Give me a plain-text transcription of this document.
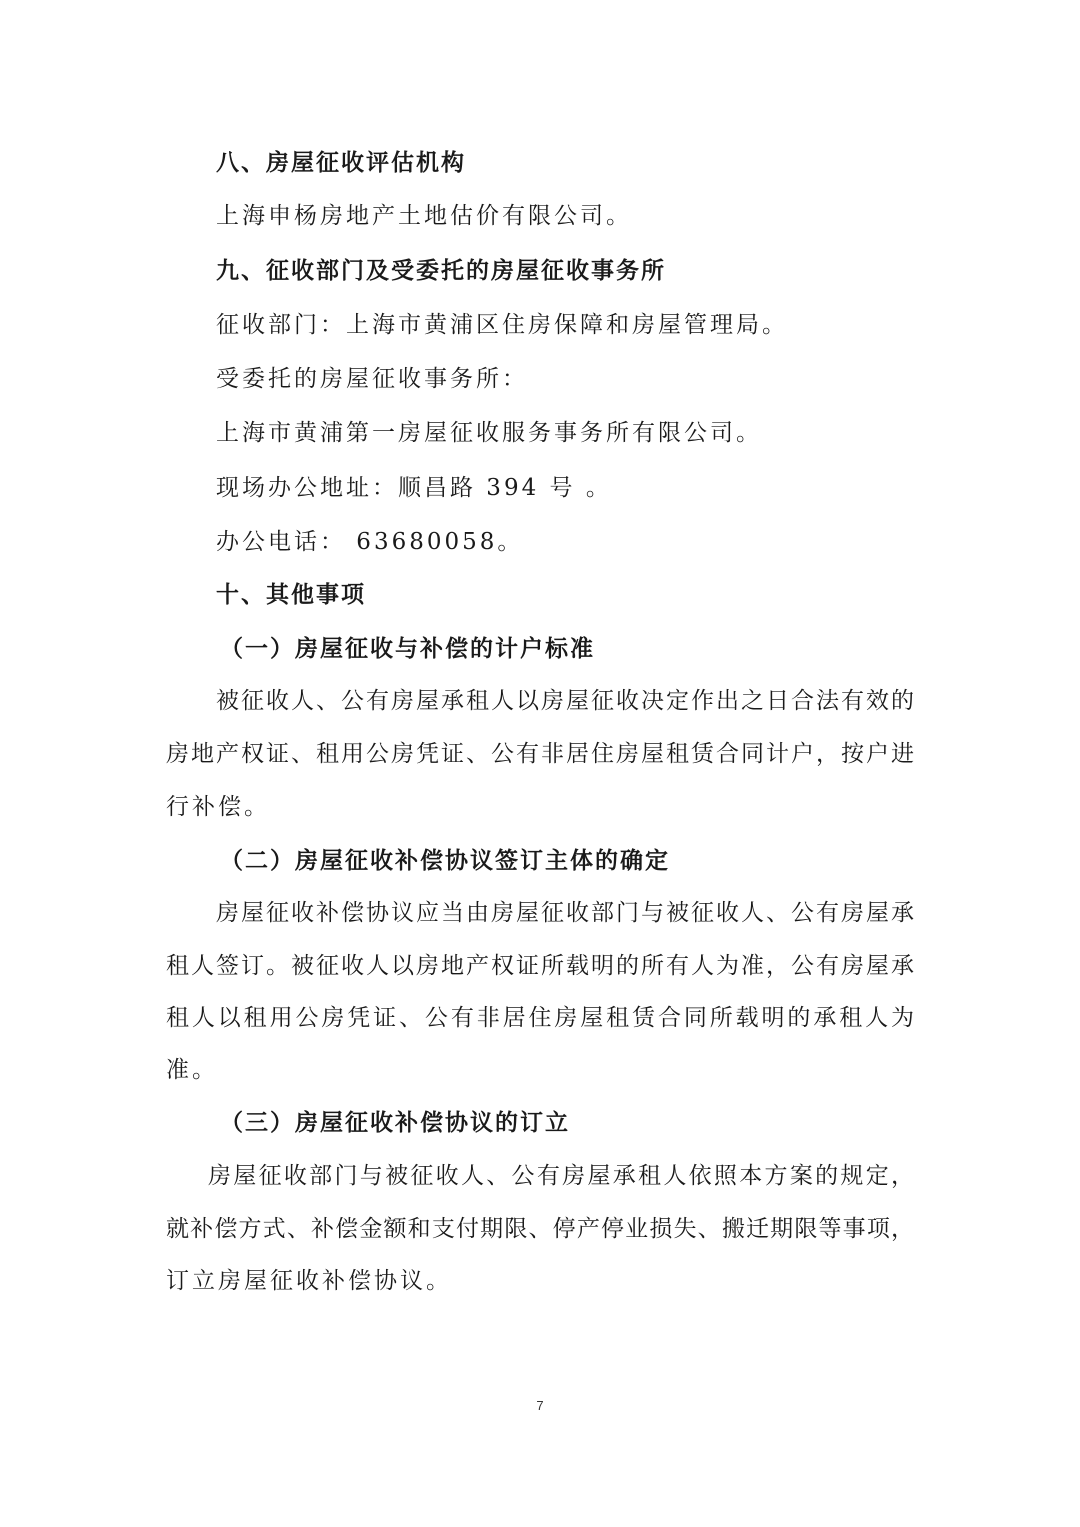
八、房屋征收评估机构
上海申杨房地产土地估价有限公司。
九、征收部门及受委托的房屋征收事务所
征收部门：上海市黄浦区住房保障和房屋管理局。
受委托的房屋征收事务所：
上海市黄浦第一房屋征收服务事务所有限公司。
现场办公地址：顺昌路 394 号 。
办公电话： 63680058。
十、其他事项
（一）房屋征收与补偿的计户标准
被征收人、公有房屋承租人以房屋征收决定作出之日合法有效的
房地产权证、租用公房凭证、公有非居住房屋租赁合同计户，按户进
行补偿。
（二）房屋征收补偿协议签订主体的确定
房屋征收补偿协议应当由房屋征收部门与被征收人、公有房屋承
租人签订。被征收人以房地产权证所载明的所有人为准，公有房屋承
租人以租用公房凭证、公有非居住房屋租赁合同所载明的承租人为
准。
（三）房屋征收补偿协议的订立
房屋征收部门与被征收人、公有房屋承租人依照本方案的规定，
就补偿方式、补偿金额和支付期限、停产停业损失、搬迁期限等事项，
订立房屋征收补偿协议。
7
